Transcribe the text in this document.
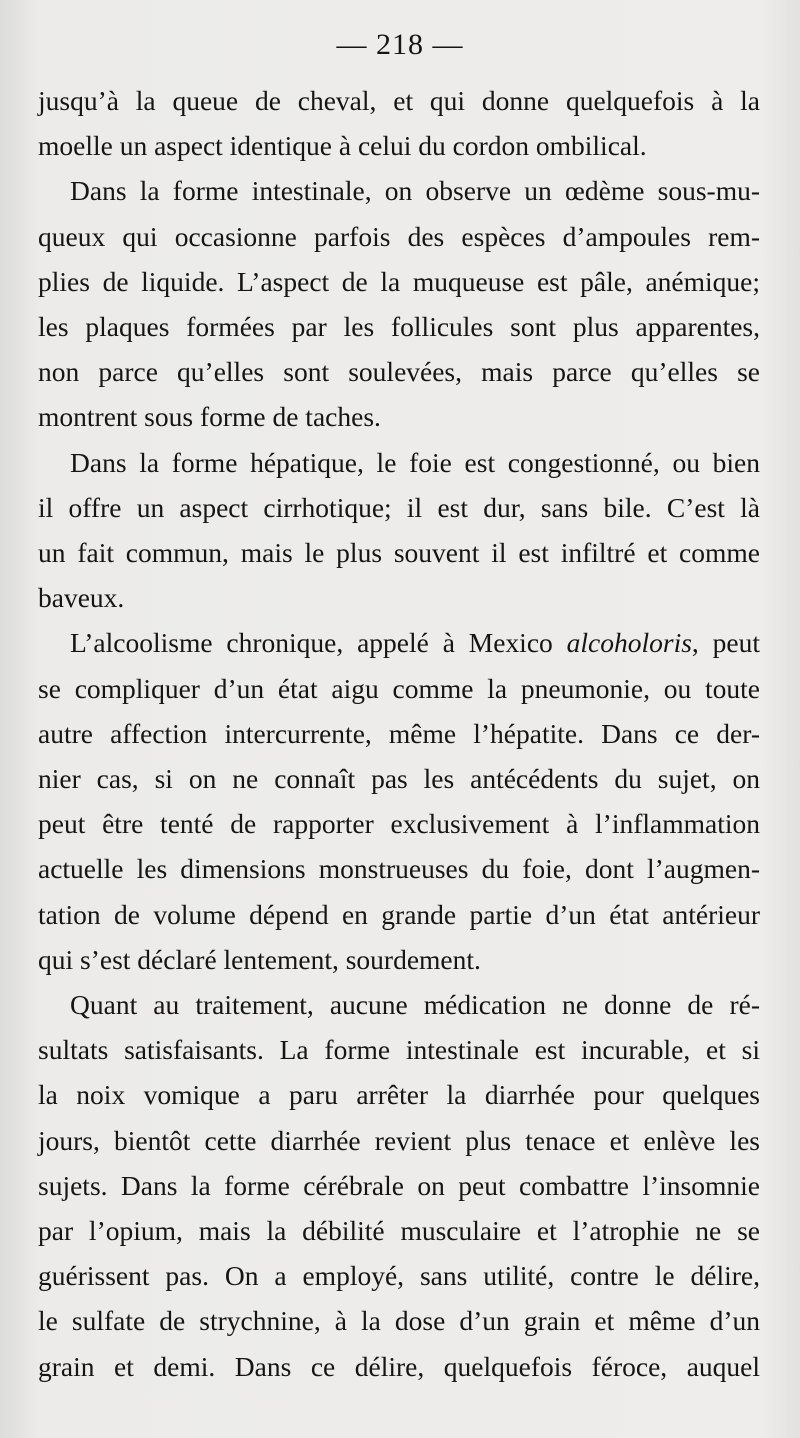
— 218 —
jusqu’à la queue de cheval, et qui donne quelquefois à la
moelle un aspect identique à celui du cordon ombilical.
Dans la forme intestinale, on observe un œdème sous-mu-
queux qui occasionne parfois des espèces d’ampoules rem-
plies de liquide. L’aspect de la muqueuse est pâle, anémique;
les plaques formées par les follicules sont plus apparentes,
non parce qu’elles sont soulevées, mais parce qu’elles se
montrent sous forme de taches.
Dans la forme hépatique, le foie est congestionné, ou bien
il offre un aspect cirrhotique; il est dur, sans bile. C’est là
un fait commun, mais le plus souvent il est infiltré et comme
baveux.
L’alcoolisme chronique, appelé à Mexico alcoholoris, peut
se compliquer d’un état aigu comme la pneumonie, ou toute
autre affection intercurrente, même l’hépatite. Dans ce der-
nier cas, si on ne connaît pas les antécédents du sujet, on
peut être tenté de rapporter exclusivement à l’inflammation
actuelle les dimensions monstrueuses du foie, dont l’augmen-
tation de volume dépend en grande partie d’un état antérieur
qui s’est déclaré lentement, sourdement.
Quant au traitement, aucune médication ne donne de ré-
sultats satisfaisants. La forme intestinale est incurable, et si
la noix vomique a paru arrêter la diarrhée pour quelques
jours, bientôt cette diarrhée revient plus tenace et enlève les
sujets. Dans la forme cérébrale on peut combattre l’insomnie
par l’opium, mais la débilité musculaire et l’atrophie ne se
guérissent pas. On a employé, sans utilité, contre le délire,
le sulfate de strychnine, à la dose d’un grain et même d’un
grain et demi. Dans ce délire, quelquefois féroce, auquel
